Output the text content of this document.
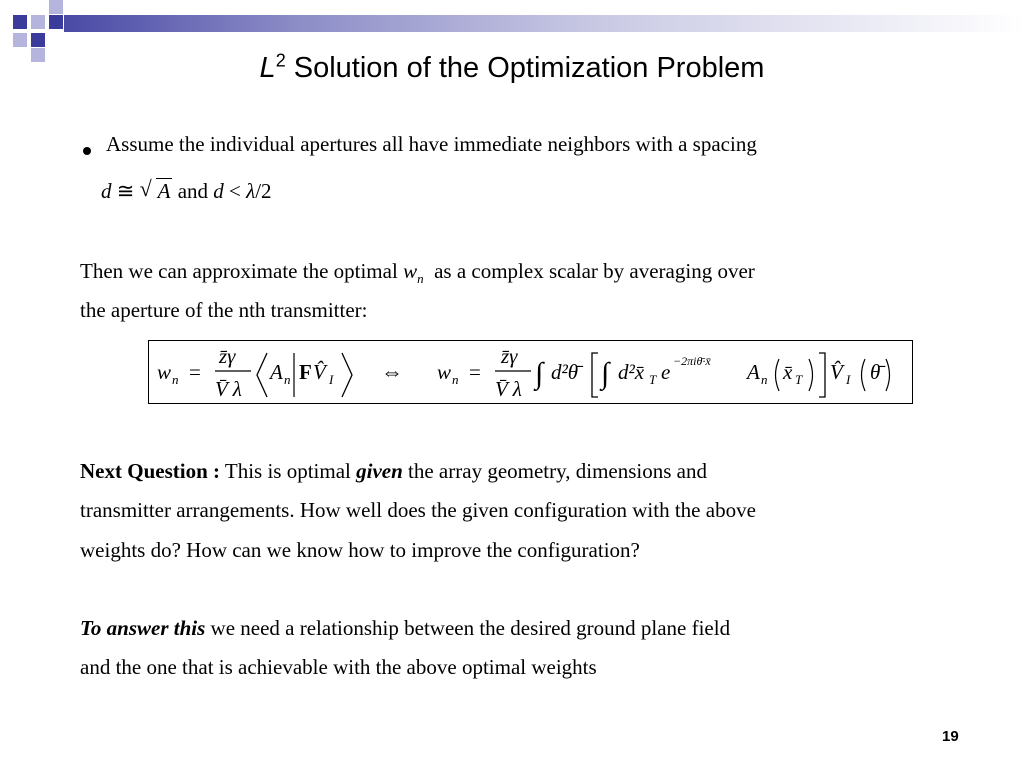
$L^2$ Solution of the Optimization Problem
Assume the individual apertures all have immediate neighbors with a spacing
d ≅ √ A and d < λ/2
Then we can approximate the optimal $w_n$ as a complex scalar by averaging over
the aperture of the nth transmitter:
w n =
z̄γ
V̄ λ
A n F V̂ I ⇔ w n =
z̄γ
V̄ λ ∫ d²θ̄ ∫ d²x̄ T e −2πiθ̄·x̄ A n x̄ T V̂ I θ̄
Next Question : This is optimal given the array geometry, dimensions and
transmitter arrangements. How well does the given configuration with the above
weights do? How can we know how to improve the configuration?
To answer this we need a relationship between the desired ground plane field
and the one that is achievable with the above optimal weights
19
